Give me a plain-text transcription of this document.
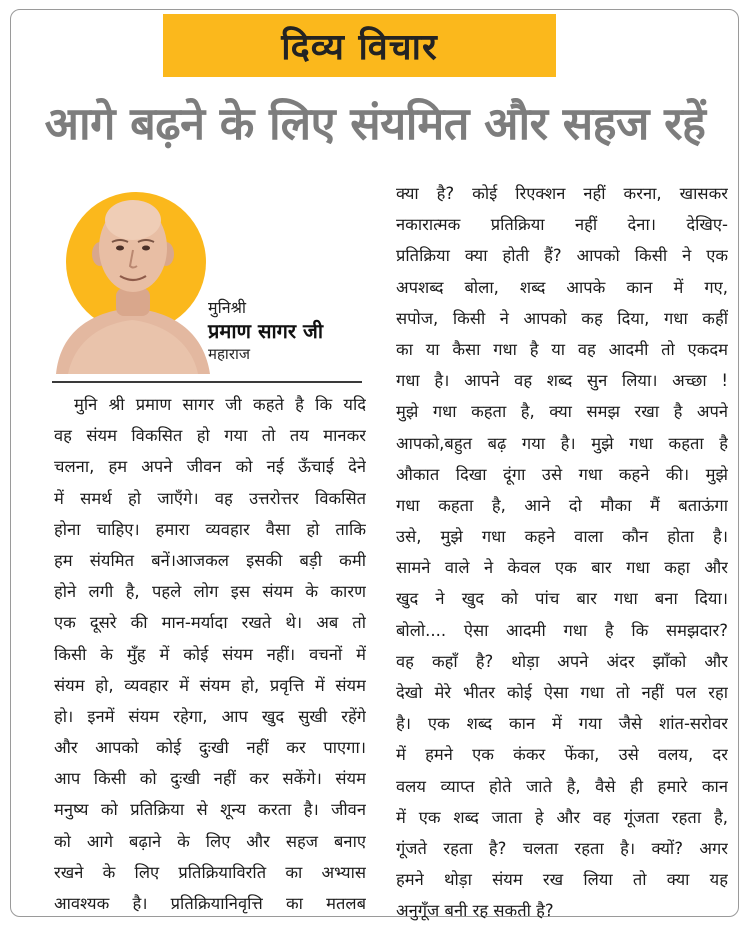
दिव्य विचार
आगे बढ़ने के लिए संयमित और सहज रहें
मुनिश्री
प्रमाण सागर जी
महाराज
मुनि श्री प्रमाण सागर जी कहते है कि यदि
वह संयम विकसित हो गया तो तय मानकर
चलना, हम अपने जीवन को नई ऊँचाई देने
में समर्थ हो जाएँगे। वह उत्तरोत्तर विकसित
होना चाहिए। हमारा व्यवहार वैसा हो ताकि
हम संयमित बनें।आजकल इसकी बड़ी कमी
होने लगी है, पहले लोग इस संयम के कारण
एक दूसरे की मान-मर्यादा रखते थे। अब तो
किसी के मुँह में कोई संयम नहीं। वचनों में
संयम हो, व्यवहार में संयम हो, प्रवृत्ति में संयम
हो। इनमें संयम रहेगा, आप खुद सुखी रहेंगे
और आपको कोई दुःखी नहीं कर पाएगा।
आप किसी को दुःखी नहीं कर सकेंगे। संयम
मनुष्य को प्रतिक्रिया से शून्य करता है। जीवन
को आगे बढ़ाने के लिए और सहज बनाए
रखने के लिए प्रतिक्रियाविरति का अभ्यास
आवश्यक है। प्रतिक्रियानिवृत्ति का मतलब
क्या है? कोई रिएक्शन नहीं करना, खासकर
नकारात्मक प्रतिक्रिया नहीं देना। देखिए-
प्रतिक्रिया क्या होती हैं? आपको किसी ने एक
अपशब्द बोला, शब्द आपके कान में गए,
सपोज, किसी ने आपको कह दिया, गधा कहीं
का या कैसा गधा है या वह आदमी तो एकदम
गधा है। आपने वह शब्द सुन लिया। अच्छा !
मुझे गधा कहता है, क्या समझ रखा है अपने
आपको,बहुत बढ़ गया है। मुझे गधा कहता है
औकात दिखा दूंगा उसे गधा कहने की। मुझे
गधा कहता है, आने दो मौका मैं बताऊंगा
उसे, मुझे गधा कहने वाला कौन होता है।
सामने वाले ने केवल एक बार गधा कहा और
खुद ने खुद को पांच बार गधा बना दिया।
बोलो.... ऐसा आदमी गधा है कि समझदार?
वह कहाँ है? थोड़ा अपने अंदर झाँको और
देखो मेरे भीतर कोई ऐसा गधा तो नहीं पल रहा
है। एक शब्द कान में गया जैसे शांत-सरोवर
में हमने एक कंकर फेंका, उसे वलय, दर
वलय व्याप्त होते जाते है, वैसे ही हमारे कान
में एक शब्द जाता हे और वह गूंजता रहता है,
गूंजते रहता है? चलता रहता है। क्यों? अगर
हमने थोड़ा संयम रख लिया तो क्या यह
अनुगूँज बनी रह सकती है?
